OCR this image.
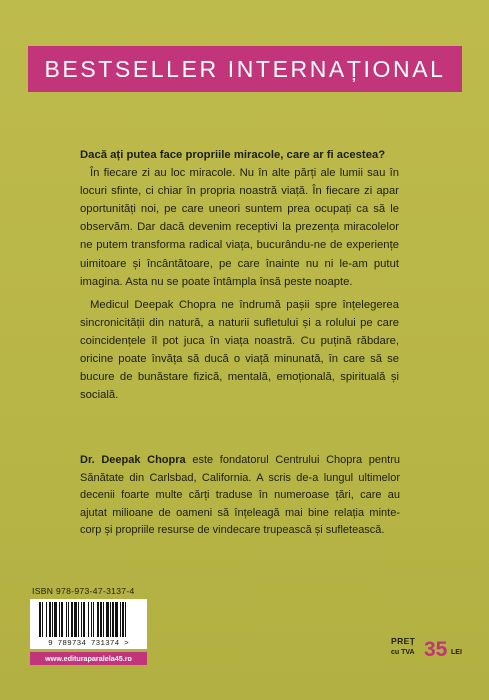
BESTSELLER INTERNAȚIONAL

Dacă ați putea face propriile miracole, care ar fi acestea?

În fiecare zi au loc miracole. Nu în alte părți ale lumii sau în locuri sfinte, ci chiar în propria noastră viață. În fiecare zi apar oportunități noi, pe care uneori suntem prea ocupați ca să le observăm. Dar dacă devenim receptivi la prezența miracolelor ne putem transforma radical viața, bucurându-ne de experiențe uimitoare și încântătoare, pe care înainte nu ni le-am putut imagina. Asta nu se poate întâmpla însă peste noapte.

Medicul Deepak Chopra ne îndrumă pașii spre înțelegerea sincronicității din natură, a naturii sufletului și a rolului pe care coincidențele îl pot juca în viața noastră. Cu puțină răbdare, oricine poate învăța să ducă o viață minunată, în care să se bucure de bunăstare fizică, mentală, emoțională, spirituală și socială.

Dr. Deepak Chopra este fondatorul Centrului Chopra pentru Sănătate din Carlsbad, California. A scris de-a lungul ultimelor decenii foarte multe cărți traduse în numeroase țări, care au ajutat milioane de oameni să înțeleagă mai bine relația minte-corp și propriile resurse de vindecare trupească și sufletească.

ISBN 978-973-47-3137-4
9 789734 731374 >
www.edituraparalela45.ro
PREȚ
cu TVA 35 LEI
